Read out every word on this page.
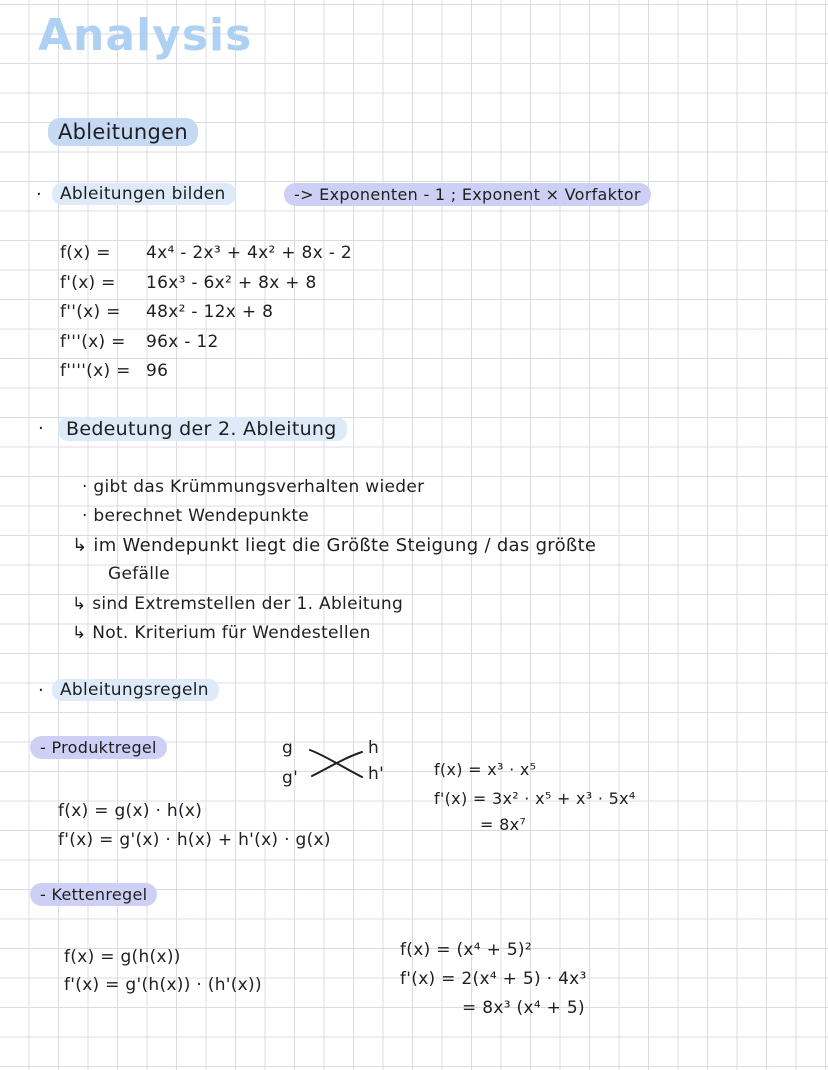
Analysis
Ableitungen
·	Ableitungen bilden	-> Exponenten - 1 ; Exponent × Vorfaktor
f(x) = 4x⁴ - 2x³ + 4x² + 8x - 2
f'(x) = 16x³ - 6x² + 8x + 8
f''(x) = 48x² - 12x + 8
f'''(x) = 96x - 12
f''''(x) = 96
·	Bedeutung der 2. Ableitung
· gibt das Krümmungsverhalten wieder
· berechnet Wendepunkte
↳ im Wendepunkt liegt die Größte Steigung / das größte
Gefälle
↳ sind Extremstellen der 1. Ableitung
↳ Not. Kriterium für Wendestellen
· Ableitungsregeln
- Produktregel	g
g'
h
h'
f(x) = g(x) · h(x)
f'(x) = g'(x) · h(x) + h'(x) · g(x)
f(x) = x³ · x⁵
f'(x) = 3x² · x⁵ + x³ · 5x⁴
= 8x⁷
- Kettenregel
f(x) = g(h(x))
f'(x) = g'(h(x)) · (h'(x))
f(x) = (x⁴ + 5)²
f'(x) = 2(x⁴ + 5) · 4x³
= 8x³ (x⁴ + 5)
